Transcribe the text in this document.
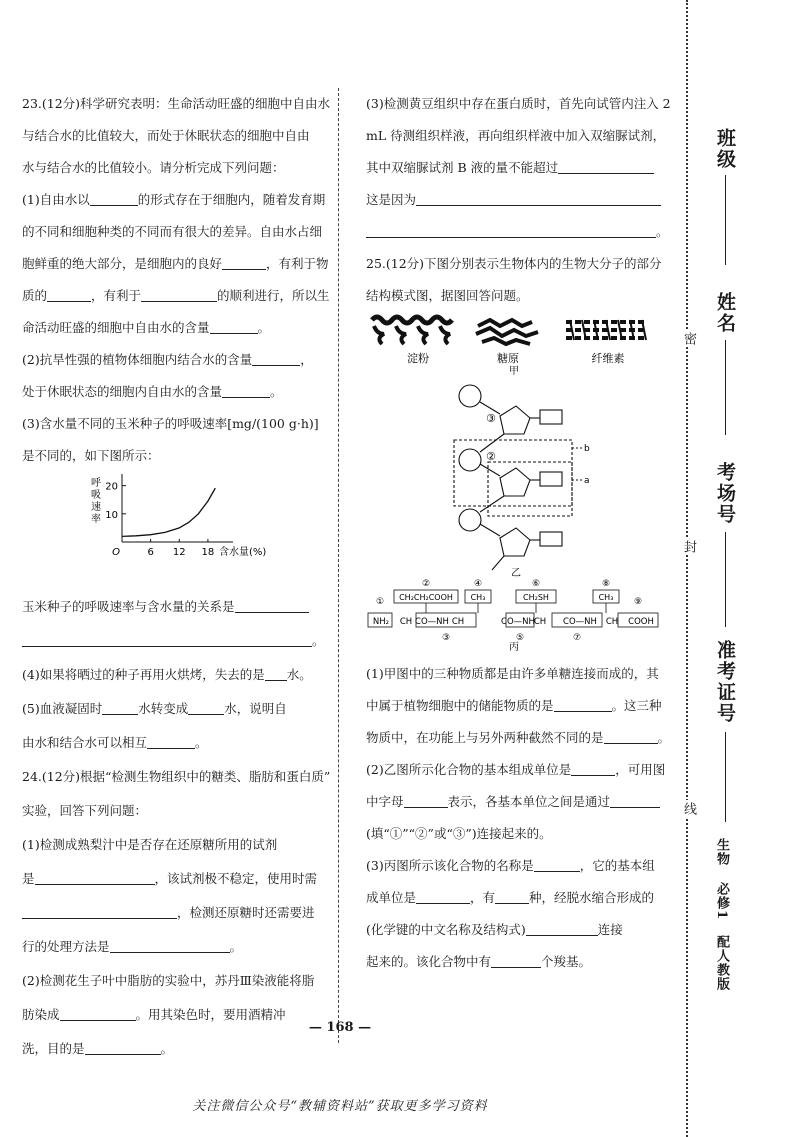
23.(12分)科学研究表明：生命活动旺盛的细胞中自由水
与结合水的比值较大，而处于休眠状态的细胞中自由
水与结合水的比值较小。请分析完成下列问题：
(1)自由水以	的形式存在于细胞内，随着发育期
的不同和细胞种类的不同而有很大的差异。自由水占细
胞鲜重的绝大部分，是细胞内的良好	，有利于物
质的	，有利于	的顺利进行，所以生
命活动旺盛的细胞中自由水的含量	。
(2)抗旱性强的植物体细胞内结合水的含量	，
处于休眠状态的细胞内自由水的含量	。
(3)含水量不同的玉米种子的呼吸速率[mg/(100 g·h)]
是不同的，如下图所示：
10
20
6 12 18
O	含水量(%)
呼
吸
速
率
玉米种子的呼吸速率与含水量的关系是
。
(4)如果将晒过的种子再用火烘烤，失去的是 水。
(5)血液凝固时	水转变成	水，说明自
由水和结合水可以相互	。
24.(12分)根据“检测生物组织中的糖类、脂肪和蛋白质”
实验，回答下列问题：
(1)检测成熟梨汁中是否存在还原糖所用的试剂
是	，该试剂极不稳定，使用时需
，检测还原糖时还需要进
行的处理方法是	。
(2)检测花生子叶中脂肪的实验中，苏丹Ⅲ染液能将脂
肪染成	。用其染色时，要用酒精冲
洗，目的是	。
(3)检测黄豆组织中存在蛋白质时，首先向试管内注入 2
mL 待测组织样液，再向组织样液中加入双缩脲试剂，
其中双缩脲试剂 B 液的量不能超过
这是因为
。
25.(12分)下图分别表示生物体内的生物大分子的部分
结构模式图，据图回答问题。
淀粉	糖原	纤维素
甲
③
②
b
a
乙
NH₂ CH CO—NH CH	CO—NH
CH CO—NH CH COOH
CH₂CH₂COOH
②
CH₃
④
CH₂SH
⑥
CH₃
⑧
①	⑨
③	⑤	⑦
丙
(1)甲图中的三种物质都是由许多单糖连接而成的，其
中属于植物细胞中的储能物质的是	。这三种
物质中，在功能上与另外两种截然不同的是	。
(2)乙图所示化合物的基本组成单位是	，可用图
中字母	表示，各基本单位之间是通过
(填“①”“②”或“③”)连接起来的。
(3)丙图所示该化合物的名称是	，它的基本组
成单位是	，有	种，经脱水缩合形成的
(化学键的中文名称及结构式)	连接
起来的。该化合物中有	个羧基。
— 168 —
关注微信公众号“教辅资料站”获取更多学习资料
班级
姓名
考场号
准考证号
密
封
线
生物 必修1 配人教版
